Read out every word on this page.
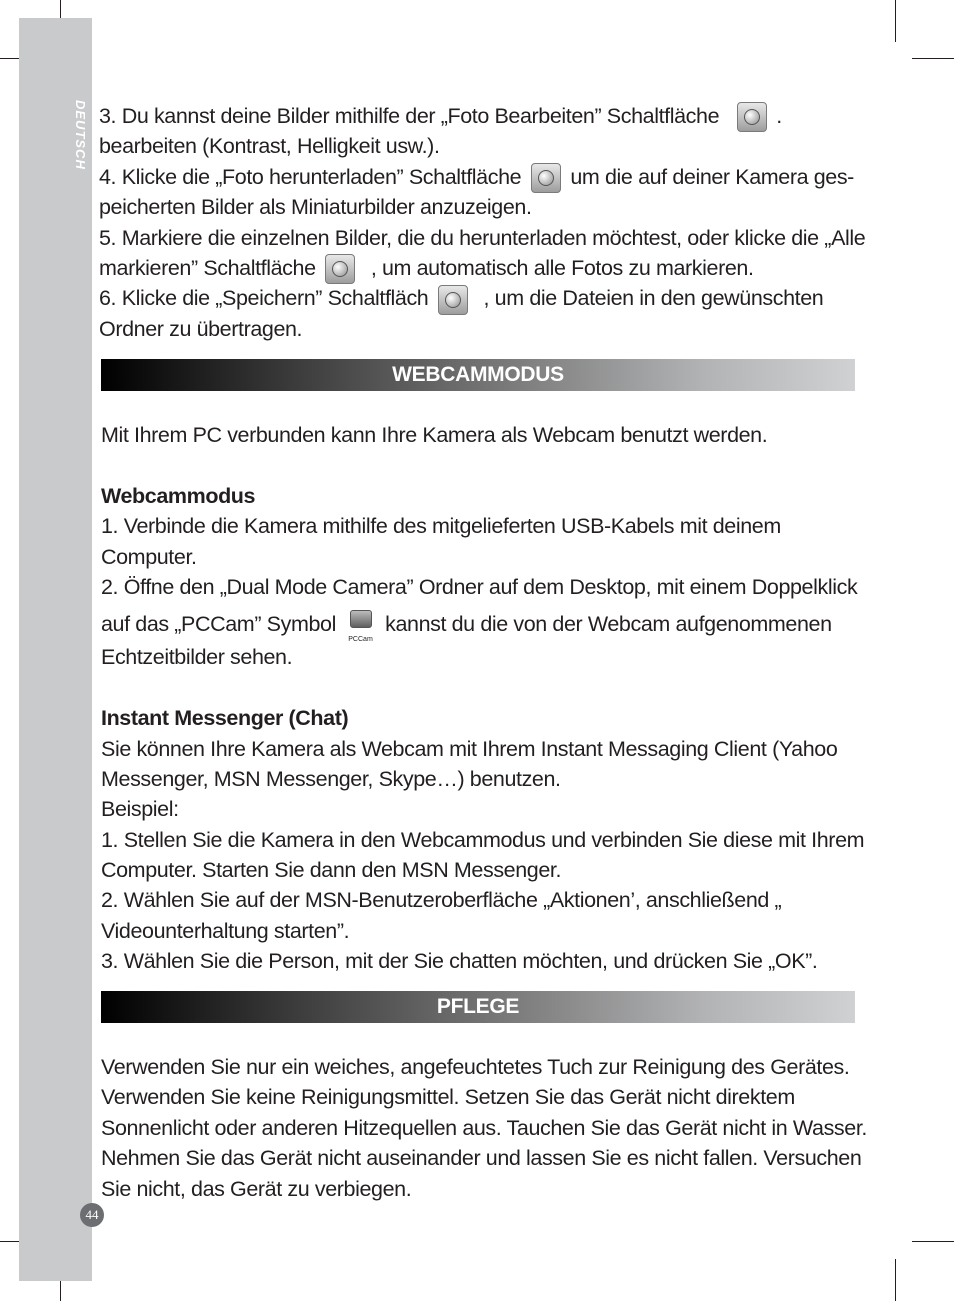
DEUTSCH
44
3. Du kannst deine Bilder mithilfe der „Foto Bearbeiten” Schaltfläche	.
bearbeiten (Kontrast, Helligkeit usw.).
4. Klicke die „Foto herunterladen” Schaltfläche um die auf deiner Kamera ges-
peicherten Bilder als Miniaturbilder anzuzeigen.
5. Markiere die einzelnen Bilder, die du herunterladen möchtest, oder klicke die „Alle
markieren” Schaltfläche	, um automatisch alle Fotos zu markieren.
6. Klicke die „Speichern” Schaltfläch	, um die Dateien in den gewünschten
Ordner zu übertragen.
WEBCAMMODUS
Mit Ihrem PC verbunden kann Ihre Kamera als Webcam benutzt werden.
Webcammodus
1. Verbinde die Kamera mithilfe des mitgelieferten USB-Kabels mit deinem
Computer.
2. Öffne den „Dual Mode Camera” Ordner auf dem Desktop, mit einem Doppelklick
auf das „PCCam” Symbol
PCCam
kannst du die von der Webcam aufgenommenen
Echtzeitbilder sehen.
Instant Messenger (Chat)
Sie können Ihre Kamera als Webcam mit Ihrem Instant Messaging Client (Yahoo
Messenger, MSN Messenger, Skype…) benutzen.
Beispiel:
1. Stellen Sie die Kamera in den Webcammodus und verbinden Sie diese mit Ihrem
Computer. Starten Sie dann den MSN Messenger.
2. Wählen Sie auf der MSN-Benutzeroberfläche „Aktionen’, anschließend „
Videounterhaltung starten”.
3. Wählen Sie die Person, mit der Sie chatten möchten, und drücken Sie „OK”.
PFLEGE
Verwenden Sie nur ein weiches, angefeuchtetes Tuch zur Reinigung des Gerätes.
Verwenden Sie keine Reinigungsmittel. Setzen Sie das Gerät nicht direktem
Sonnenlicht oder anderen Hitzequellen aus. Tauchen Sie das Gerät nicht in Wasser.
Nehmen Sie das Gerät nicht auseinander und lassen Sie es nicht fallen. Versuchen
Sie nicht, das Gerät zu verbiegen.
